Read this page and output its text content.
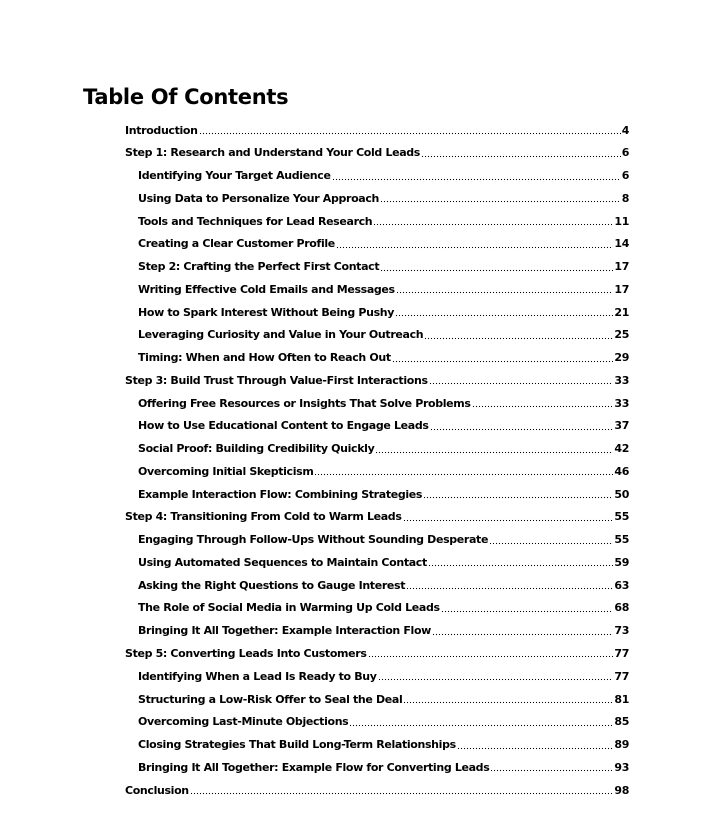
Table Of Contents
Introduction	4
Step 1: Research and Understand Your Cold Leads	6
Identifying Your Target Audience	6
Using Data to Personalize Your Approach	8
Tools and Techniques for Lead Research	11
Creating a Clear Customer Profile	14
Step 2: Crafting the Perfect First Contact	17
Writing Effective Cold Emails and Messages	17
How to Spark Interest Without Being Pushy	21
Leveraging Curiosity and Value in Your Outreach	25
Timing: When and How Often to Reach Out	29
Step 3: Build Trust Through Value-First Interactions	33
Offering Free Resources or Insights That Solve Problems	33
How to Use Educational Content to Engage Leads	37
Social Proof: Building Credibility Quickly	42
Overcoming Initial Skepticism	46
Example Interaction Flow: Combining Strategies	50
Step 4: Transitioning From Cold to Warm Leads	55
Engaging Through Follow-Ups Without Sounding Desperate	55
Using Automated Sequences to Maintain Contact	59
Asking the Right Questions to Gauge Interest	63
The Role of Social Media in Warming Up Cold Leads	68
Bringing It All Together: Example Interaction Flow	73
Step 5: Converting Leads Into Customers	77
Identifying When a Lead Is Ready to Buy	77
Structuring a Low-Risk Offer to Seal the Deal	81
Overcoming Last-Minute Objections	85
Closing Strategies That Build Long-Term Relationships	89
Bringing It All Together: Example Flow for Converting Leads	93
Conclusion	98
